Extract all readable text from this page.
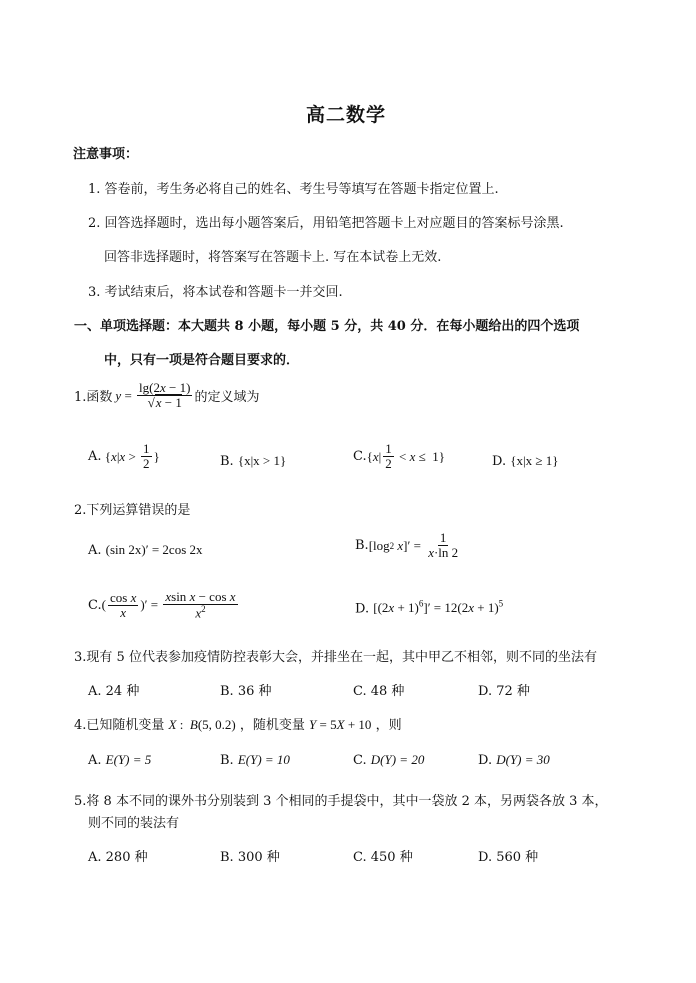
高二数学
注意事项：
1. 答卷前，考生务必将自己的姓名、考生号等填写在答题卡指定位置上.
2. 回答选择题时，选出每小题答案后，用铅笔把答题卡上对应题目的答案标号涂黑.
回答非选择题时，将答案写在答题卡上. 写在本试卷上无效.
3. 考试结束后，将本试卷和答题卡一并交回.
一、单项选择题：本大题共 8 小题，每小题 5 分，共 40 分．在每小题给出的四个选项
中，只有一项是符合题目要求的．
1.函数 $y = \frac{\lg(2x - 1)}{√x - 1}$ 的定义域为
A. { x | $x > \frac{1}{2}$ }	B. {x|x > 1}	C. { x | $\frac{1}{2} < x \le 1$}	D. {x|x ≥ 1}
2.下列运算错误的是
A. (sin 2x)′ = 2cos 2x	B. [log 2
x ]′ = $\frac{1}{x\cdot\ln 2}$
C. ( $\frac{\text{cos x}}{x}$ )′ = $\frac{\text{xsin x − cos x}}{x^2}$	D. $[(2x + 1)^6]' = 12(2x + 1)^5$
3.现有 5 位代表参加疫情防控表彰大会，并排坐在一起，其中甲乙不相邻，则不同的坐法有
A. 24 种	B. 36 种	C. 48 种	D. 72 种
4.已知随机变量 X :  B(5, 0.2) ，随机变量 Y = 5X + 10 ，则
A. E(Y) = 5	B. E(Y) = 10	C. D(Y) = 20	D. D(Y) = 30
5.将 8 本不同的课外书分别装到 3 个相同的手提袋中，其中一袋放 2 本，另两袋各放 3 本，
则不同的装法有
A. 280 种	B. 300 种	C. 450 种	D. 560 种
